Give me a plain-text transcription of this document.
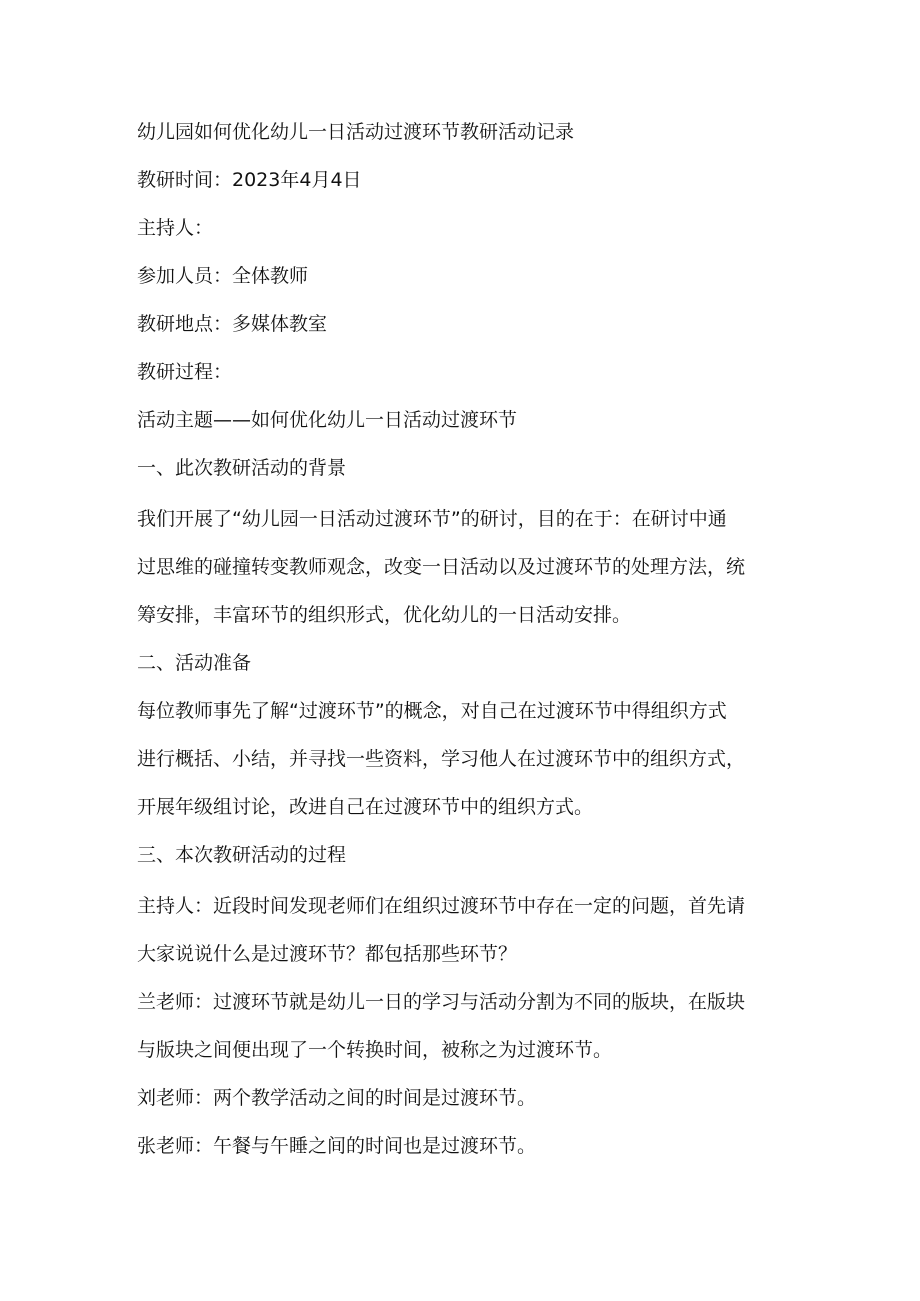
幼儿园如何优化幼儿一日活动过渡环节教研活动记录

教研时间：2023年4月4日

主持人：

参加人员：全体教师

教研地点：多媒体教室

教研过程：

活动主题——如何优化幼儿一日活动过渡环节

一、此次教研活动的背景

我们开展了“幼儿园一日活动过渡环节”的研讨，目的在于：在研讨中通

过思维的碰撞转变教师观念，改变一日活动以及过渡环节的处理方法，统

筹安排，丰富环节的组织形式，优化幼儿的一日活动安排。

二、活动准备

每位教师事先了解“过渡环节”的概念，对自己在过渡环节中得组织方式

进行概括、小结，并寻找一些资料，学习他人在过渡环节中的组织方式，

开展年级组讨论，改进自己在过渡环节中的组织方式。

三、本次教研活动的过程

主持人：近段时间发现老师们在组织过渡环节中存在一定的问题，首先请

大家说说什么是过渡环节？都包括那些环节？

兰老师：过渡环节就是幼儿一日的学习与活动分割为不同的版块，在版块

与版块之间便出现了一个转换时间，被称之为过渡环节。

刘老师：两个教学活动之间的时间是过渡环节。

张老师：午餐与午睡之间的时间也是过渡环节。
